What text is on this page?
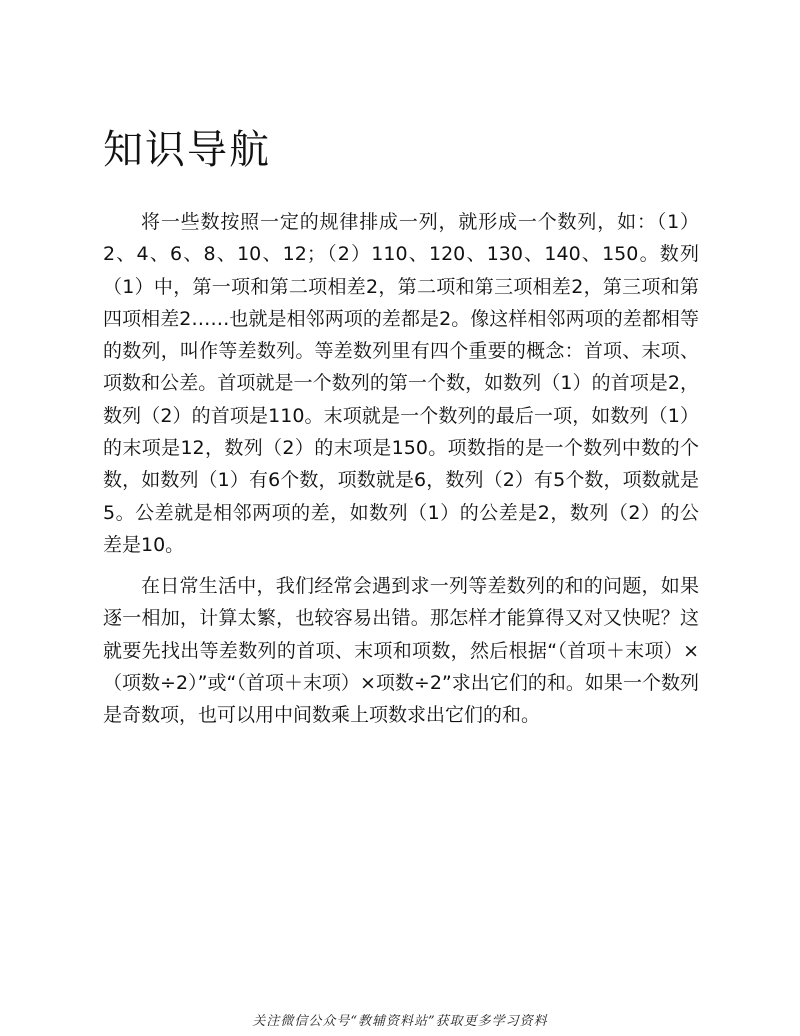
知识导航

将一些数按照一定的规律排成一列，就形成一个数列，如：（1）2、4、6、8、10、12；（2）110、120、130、140、150。数列（1）中，第一项和第二项相差2，第二项和第三项相差2，第三项和第四项相差2……也就是相邻两项的差都是2。像这样相邻两项的差都相等的数列，叫作等差数列。等差数列里有四个重要的概念：首项、末项、项数和公差。首项就是一个数列的第一个数，如数列（1）的首项是2，数列（2）的首项是110。末项就是一个数列的最后一项，如数列（1）的末项是12，数列（2）的末项是150。项数指的是一个数列中数的个数，如数列（1）有6个数，项数就是6，数列（2）有5个数，项数就是5。公差就是相邻两项的差，如数列（1）的公差是2，数列（2）的公差是10。

在日常生活中，我们经常会遇到求一列等差数列的和的问题，如果逐一相加，计算太繁，也较容易出错。那怎样才能算得又对又快呢？这就要先找出等差数列的首项、末项和项数，然后根据“（首项＋末项）×（项数÷2）”或“（首项＋末项）×项数÷2”求出它们的和。如果一个数列是奇数项，也可以用中间数乘上项数求出它们的和。

关注微信公众号“教辅资料站”获取更多学习资料
